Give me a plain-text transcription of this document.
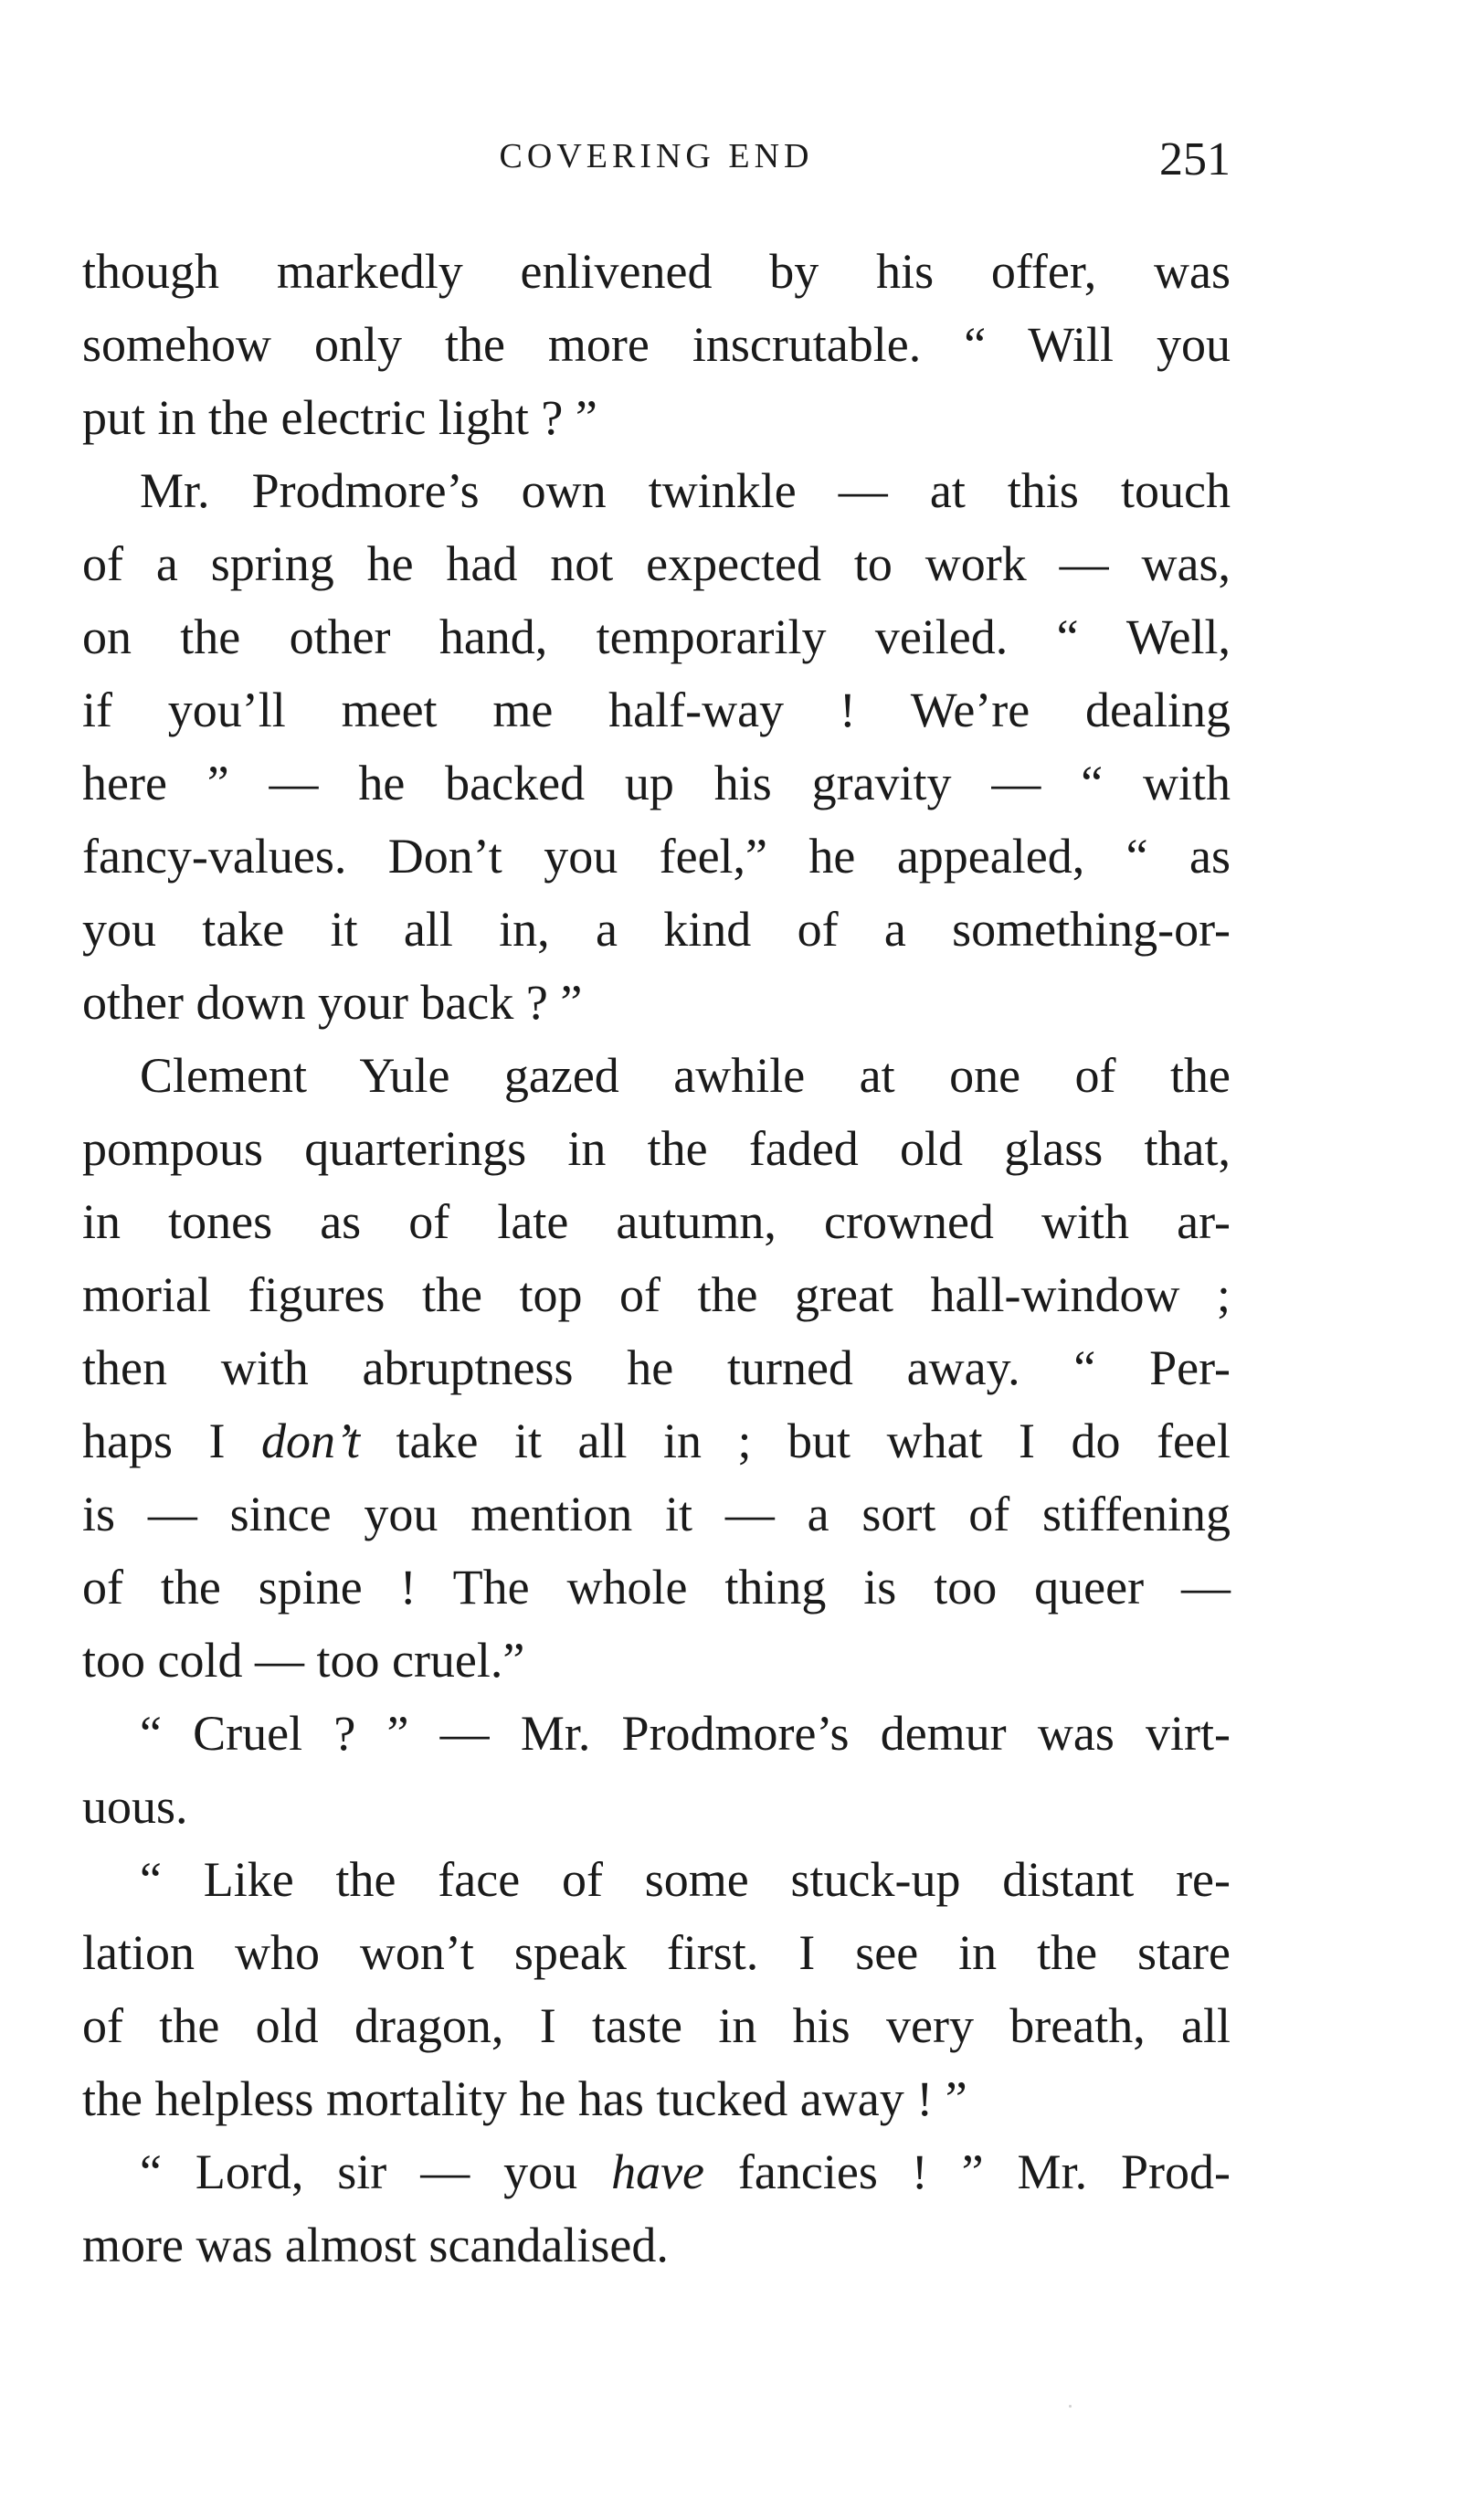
COVERING END	251
though markedly enlivened by his offer, was
somehow only the more inscrutable. “ Will you
put in the electric light ? ”
Mr. Prodmore’s own twinkle — at this touch
of a spring he had not expected to work — was,
on the other hand, temporarily veiled. “ Well,
if you’ll meet me half-way ! We’re dealing
here ” — he backed up his gravity — “ with
fancy-values. Don’t you feel,” he appealed, “ as
you take it all in, a kind of a something-or-
other down your back ? ”
Clement Yule gazed awhile at one of the
pompous quarterings in the faded old glass that,
in tones as of late autumn, crowned with ar-
morial figures the top of the great hall-window ;
then with abruptness he turned away. “ Per-
haps I don’t take it all in ; but what I do feel
is — since you mention it — a sort of stiffening
of the spine ! The whole thing is too queer —
too cold — too cruel.”
“ Cruel ? ” — Mr. Prodmore’s demur was virt-
uous.
“ Like the face of some stuck-up distant re-
lation who won’t speak first. I see in the stare
of the old dragon, I taste in his very breath, all
the helpless mortality he has tucked away ! ”
“ Lord, sir — you have fancies ! ” Mr. Prod-
more was almost scandalised.
